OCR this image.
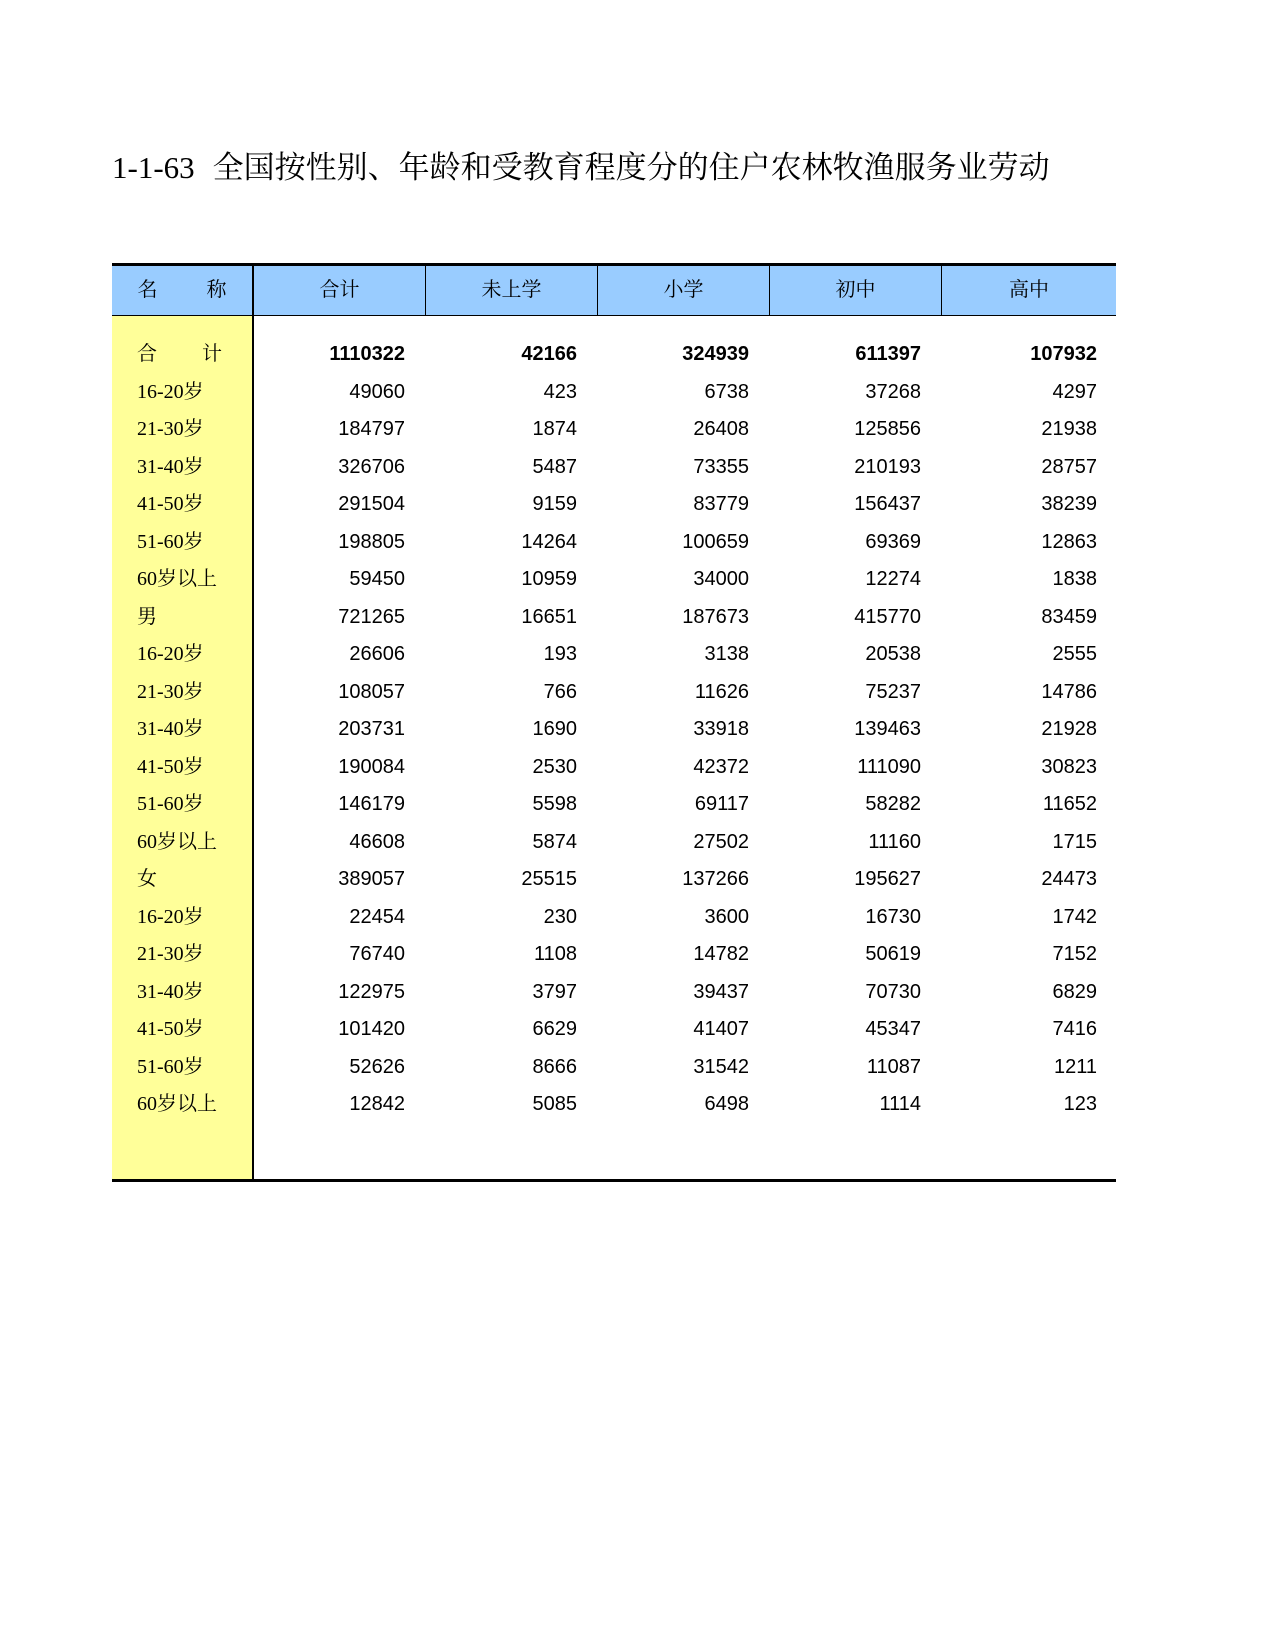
1-1-63 全国按性别、年龄和受教育程度分的住户农林牧渔服务业劳动
名 称	合计	未上学	小学	初中	高中
合 计	1110322	42166	324939	611397	107932
16-20岁	49060	423	6738	37268	4297
21-30岁	184797	1874	26408	125856	21938
31-40岁	326706	5487	73355	210193	28757
41-50岁	291504	9159	83779	156437	38239
51-60岁	198805	14264	100659	69369	12863
60岁以上	59450	10959	34000	12274	1838
男	721265	16651	187673	415770	83459
16-20岁	26606	193	3138	20538	2555
21-30岁	108057	766	11626	75237	14786
31-40岁	203731	1690	33918	139463	21928
41-50岁	190084	2530	42372	111090	30823
51-60岁	146179	5598	69117	58282	11652
60岁以上	46608	5874	27502	11160	1715
女	389057	25515	137266	195627	24473
16-20岁	22454	230	3600	16730	1742
21-30岁	76740	1108	14782	50619	7152
31-40岁	122975	3797	39437	70730	6829
41-50岁	101420	6629	41407	45347	7416
51-60岁	52626	8666	31542	11087	1211
60岁以上	12842	5085	6498	1114	123
